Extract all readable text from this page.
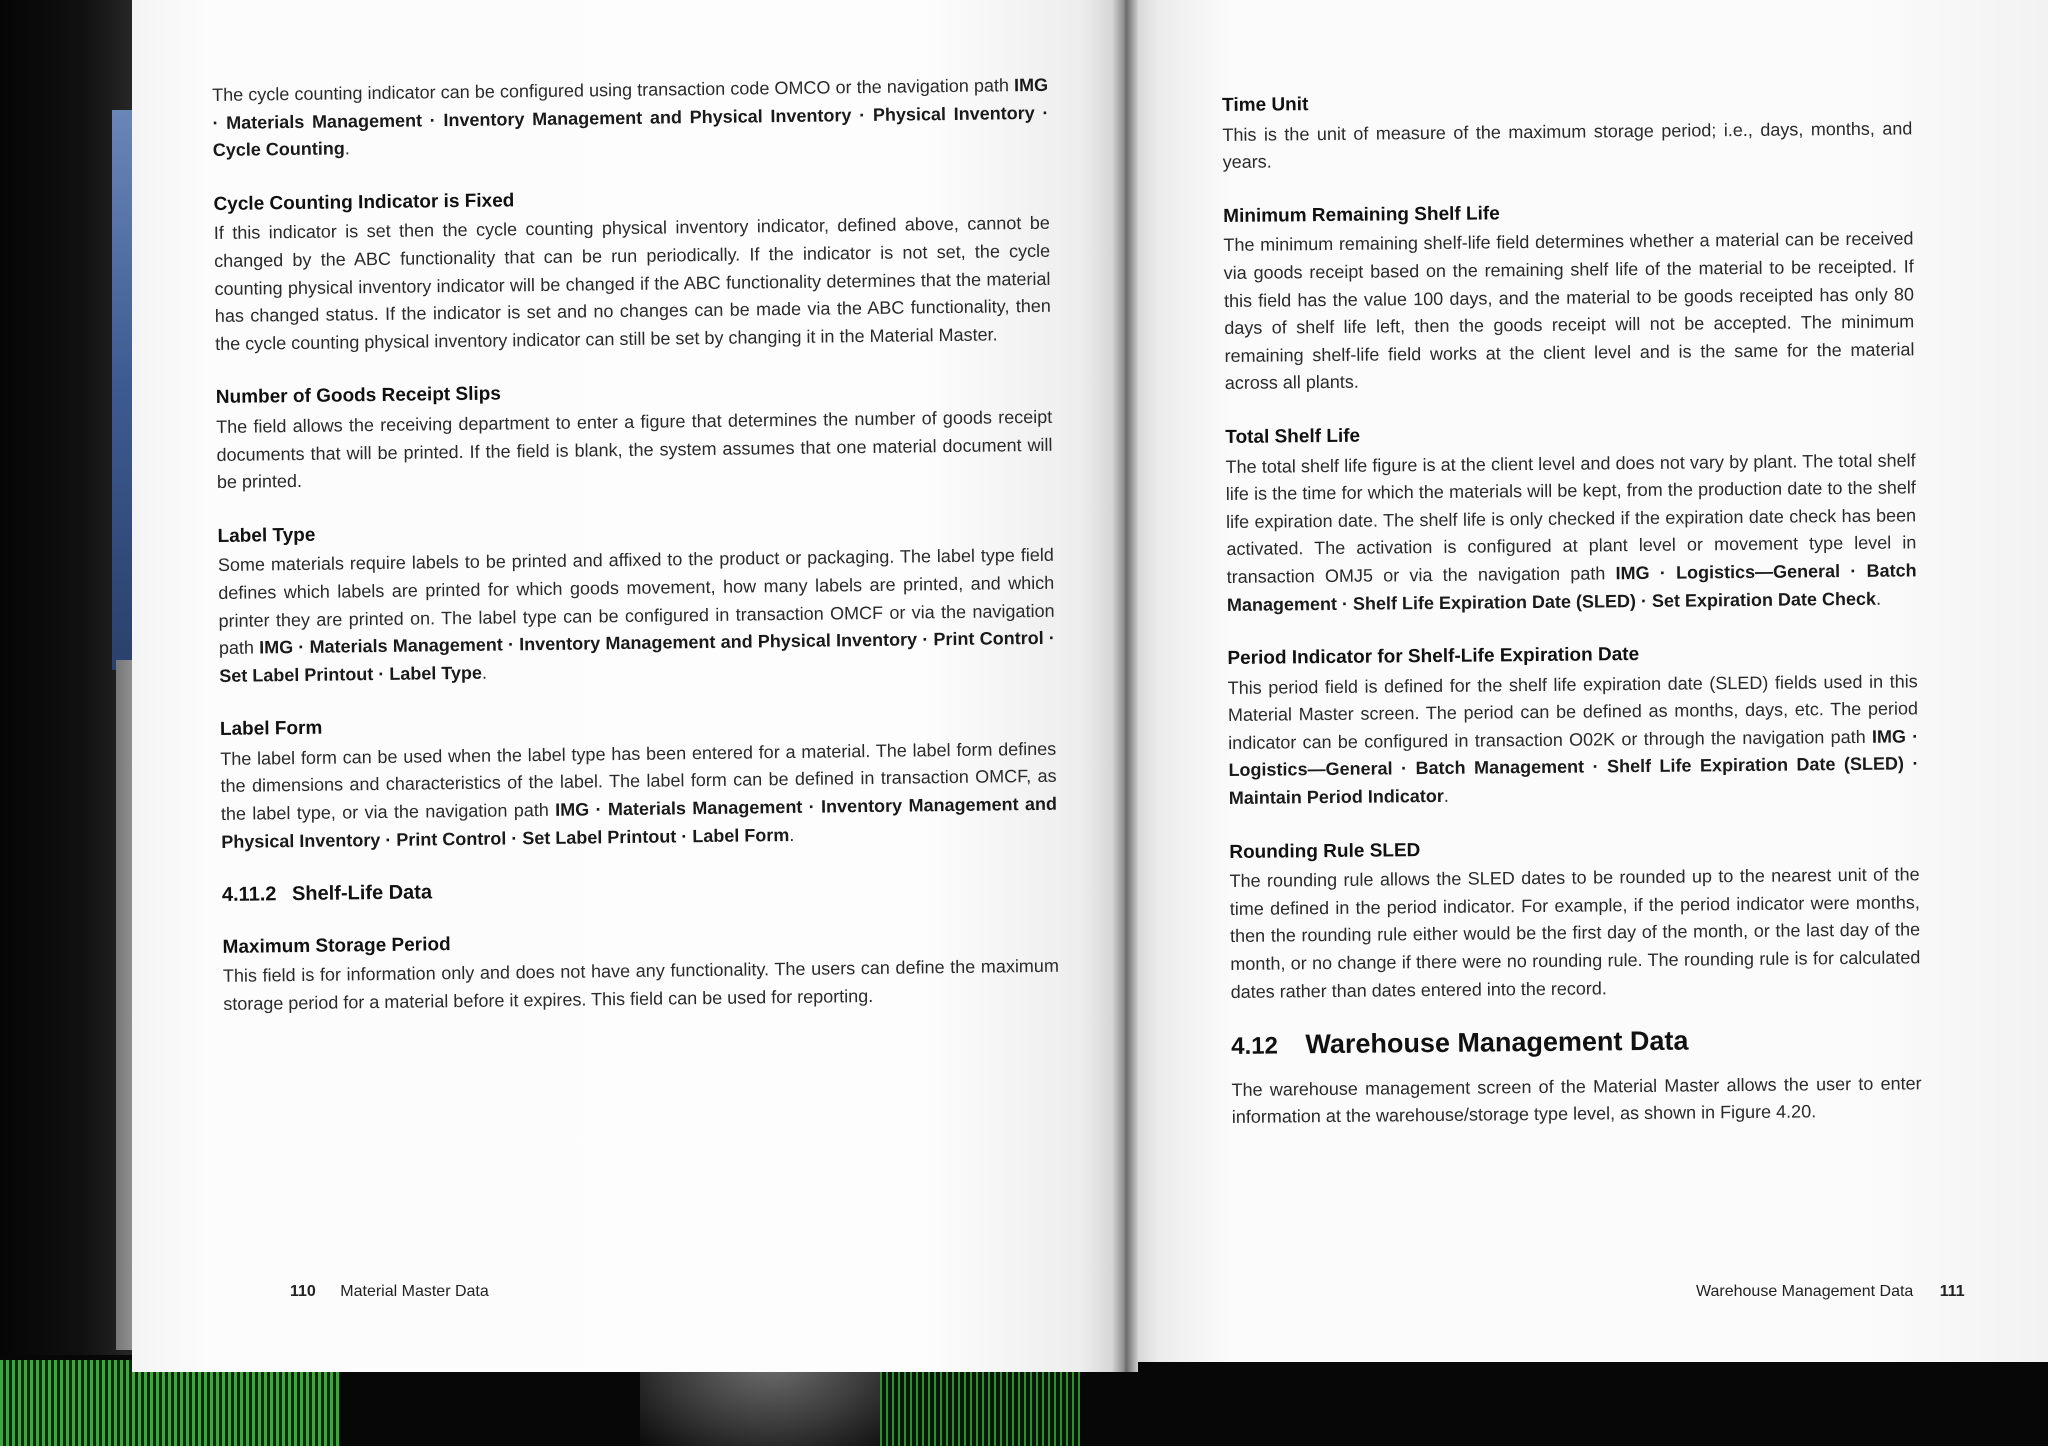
The cycle counting indicator can be configured using transaction code OMCO or the navigation path IMG · Materials Management · Inventory Management and Physical Inventory · Physical Inventory · Cycle Counting.

Cycle Counting Indicator is Fixed

If this indicator is set then the cycle counting physical inventory indicator, defined above, cannot be changed by the ABC functionality that can be run periodically. If the indicator is not set, the cycle counting physical inventory indicator will be changed if the ABC functionality determines that the material has changed status. If the indicator is set and no changes can be made via the ABC functionality, then the cycle counting physical inventory indicator can still be set by changing it in the Material Master.

Number of Goods Receipt Slips

The field allows the receiving department to enter a figure that determines the number of goods receipt documents that will be printed. If the field is blank, the system assumes that one material document will be printed.

Label Type

Some materials require labels to be printed and affixed to the product or packaging. The label type field defines which labels are printed for which goods movement, how many labels are printed, and which printer they are printed on. The label type can be configured in transaction OMCF or via the navigation path IMG · Materials Management · Inventory Management and Physical Inventory · Print Control · Set Label Printout · Label Type.

Label Form

The label form can be used when the label type has been entered for a material. The label form defines the dimensions and characteristics of the label. The label form can be defined in transaction OMCF, as the label type, or via the navigation path IMG · Materials Management · Inventory Management and Physical Inventory · Print Control · Set Label Printout · Label Form.

4.11.2 Shelf-Life Data
Maximum Storage Period

This field is for information only and does not have any functionality. The users can define the maximum storage period for a material before it expires. This field can be used for reporting.

Time Unit

This is the unit of measure of the maximum storage period; i.e., days, months, and years.

Minimum Remaining Shelf Life

The minimum remaining shelf-life field determines whether a material can be received via goods receipt based on the remaining shelf life of the material to be receipted. If this field has the value 100 days, and the material to be goods receipted has only 80 days of shelf life left, then the goods receipt will not be accepted. The minimum remaining shelf-life field works at the client level and is the same for the material across all plants.

Total Shelf Life

The total shelf life figure is at the client level and does not vary by plant. The total shelf life is the time for which the materials will be kept, from the production date to the shelf life expiration date. The shelf life is only checked if the expiration date check has been activated. The activation is configured at plant level or movement type level in transaction OMJ5 or via the navigation path IMG · Logistics—General · Batch Management · Shelf Life Expiration Date (SLED) · Set Expiration Date Check.

Period Indicator for Shelf-Life Expiration Date

This period field is defined for the shelf life expiration date (SLED) fields used in this Material Master screen. The period can be defined as months, days, etc. The period indicator can be configured in transaction O02K or through the navigation path IMG · Logistics—General · Batch Management · Shelf Life Expiration Date (SLED) · Maintain Period Indicator.

Rounding Rule SLED

The rounding rule allows the SLED dates to be rounded up to the nearest unit of the time defined in the period indicator. For example, if the period indicator were months, then the rounding rule either would be the first day of the month, or the last day of the month, or no change if there were no rounding rule. The rounding rule is for calculated dates rather than dates entered into the record.

4.12 Warehouse Management Data

The warehouse management screen of the Material Master allows the user to enter information at the warehouse/storage type level, as shown in Figure 4.20.

110 Material Master Data	Warehouse Management Data 111
